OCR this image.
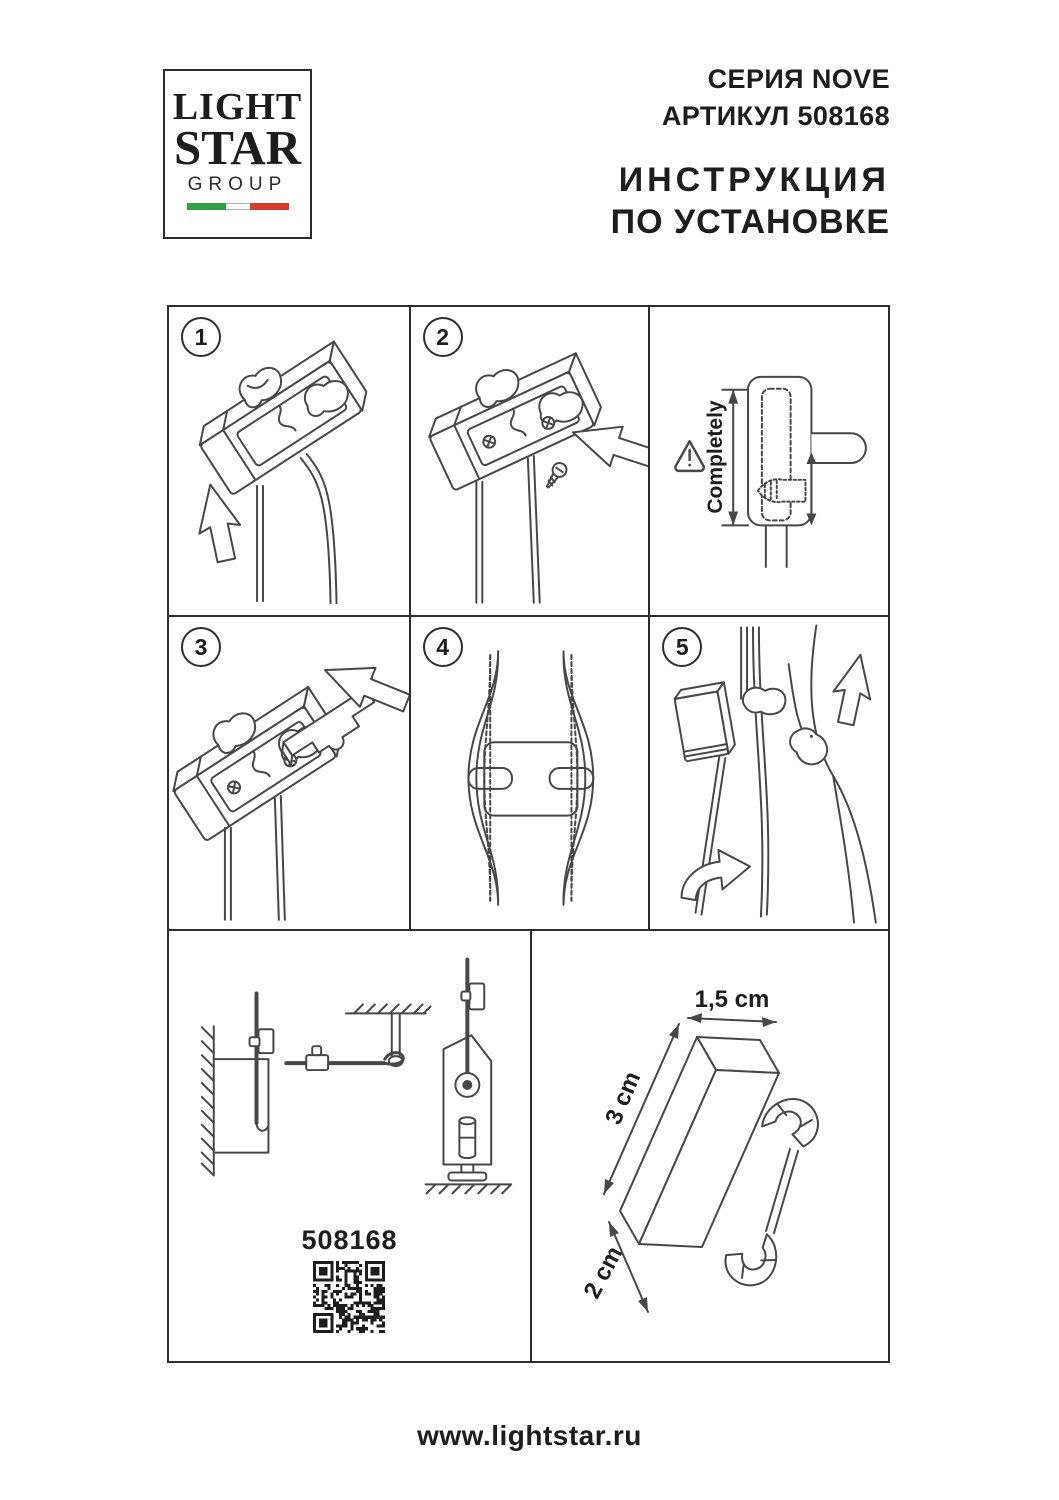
LIGHT
STAR
GROUP
СЕРИЯ NOVE
АРТИКУЛ 508168
ИНСТРУКЦИЯ
ПО УСТАНОВКЕ
1	2
Completely
3	4	5
508168
1,5 cm
3 cm
2 cm
www.lightstar.ru
